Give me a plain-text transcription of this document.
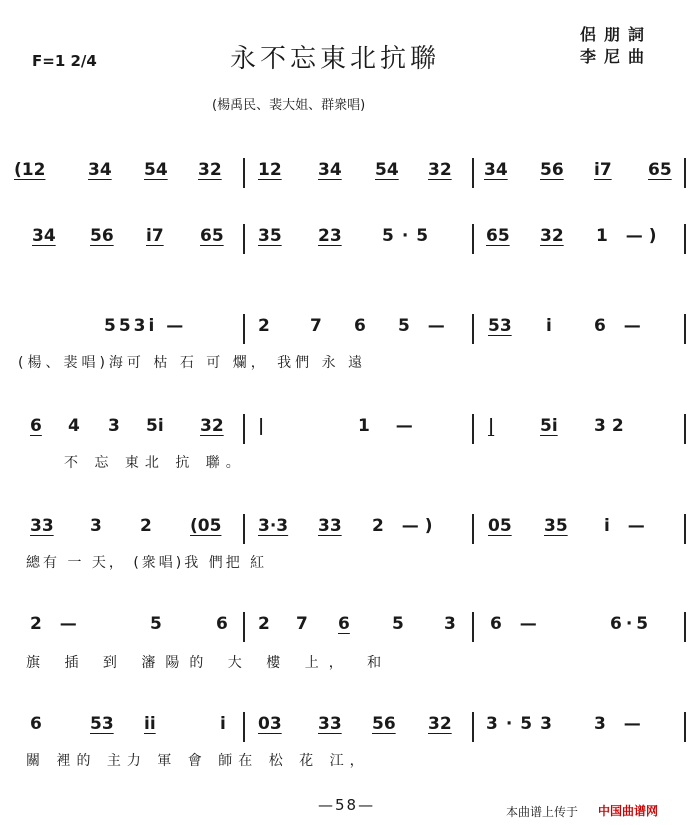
F=1 2/4	永不忘東北抗聯
侶朋詞
李尼曲
(楊禹民、裴大姐、群衆唱)
(12	34 54 32 12 34 54 32 34 56 i7 65
34 56 i7 65 35 23 5·5	65 32 1 —)
553i —	2 7 6 5 — 53 i 6 —
(楊、裴唱)海可 枯 石 可 爛， 我們 永 遠
6 4 3 5i 32 |	1 —	|	5i 32
不 忘 東北 抗 聯。
33 3 2 (05 3·3 33 2 —)	05 35 i —
總有 一 天， (衆唱)我 們把 紅
2 —	5	6 2 7 6 5 3 6 —	6·5
旗 插 到 瀋陽的 大 樓 上， 和
6	53 ii	i 03 33 56 32 3·53 3 —
關 裡的 主力 軍 會 師在 松 花 江，
—58—	本曲谱上传于 中国曲谱网
